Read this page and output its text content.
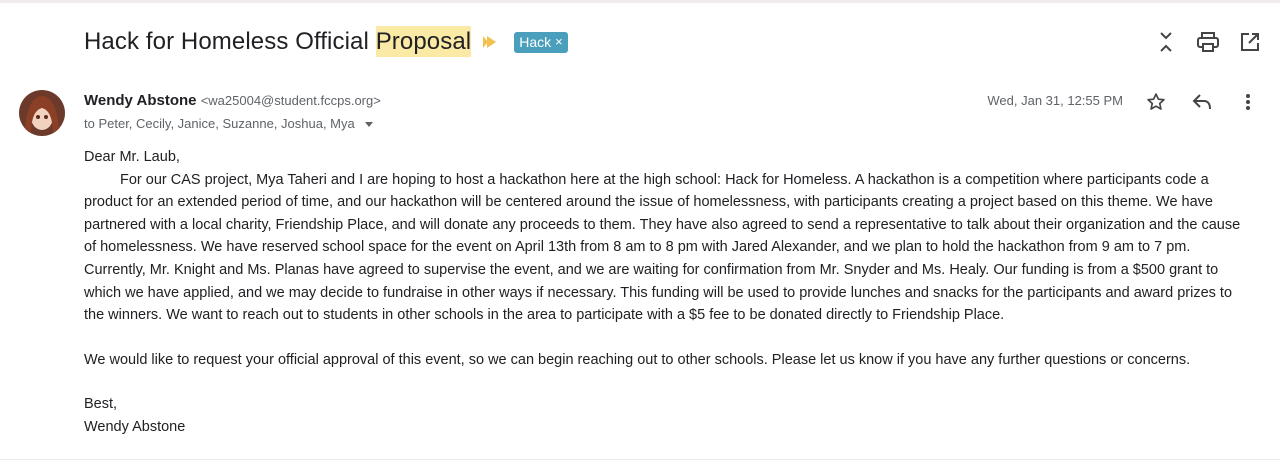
Hack for Homeless Official Proposal	Hack ×
Wendy Abstone <wa25004@student.fccps.org>
to Peter, Cecily, Janice, Suzanne, Joshua, Mya
Wed, Jan 31, 12:55 PM

Dear Mr. Laub,

For our CAS project, Mya Taheri and I are hoping to host a hackathon here at the high school: Hack for Homeless. A hackathon is a competition where participants code a product for an extended period of time, and our hackathon will be centered around the issue of homelessness, with participants creating a project based on this theme. We have partnered with a local charity, Friendship Place, and will donate any proceeds to them. They have also agreed to send a representative to talk about their organization and the cause of homelessness. We have reserved school space for the event on April 13th from 8 am to 8 pm with Jared Alexander, and we plan to hold the hackathon from 9 am to 7 pm. Currently, Mr. Knight and Ms. Planas have agreed to supervise the event, and we are waiting for confirmation from Mr. Snyder and Ms. Healy. Our funding is from a $500 grant to which we have applied, and we may decide to fundraise in other ways if necessary. This funding will be used to provide lunches and snacks for the participants and award prizes to the winners. We want to reach out to students in other schools in the area to participate with a $5 fee to be donated directly to Friendship Place.

We would like to request your official approval of this event, so we can begin reaching out to other schools. Please let us know if you have any further questions or concerns.

Best,

Wendy Abstone
